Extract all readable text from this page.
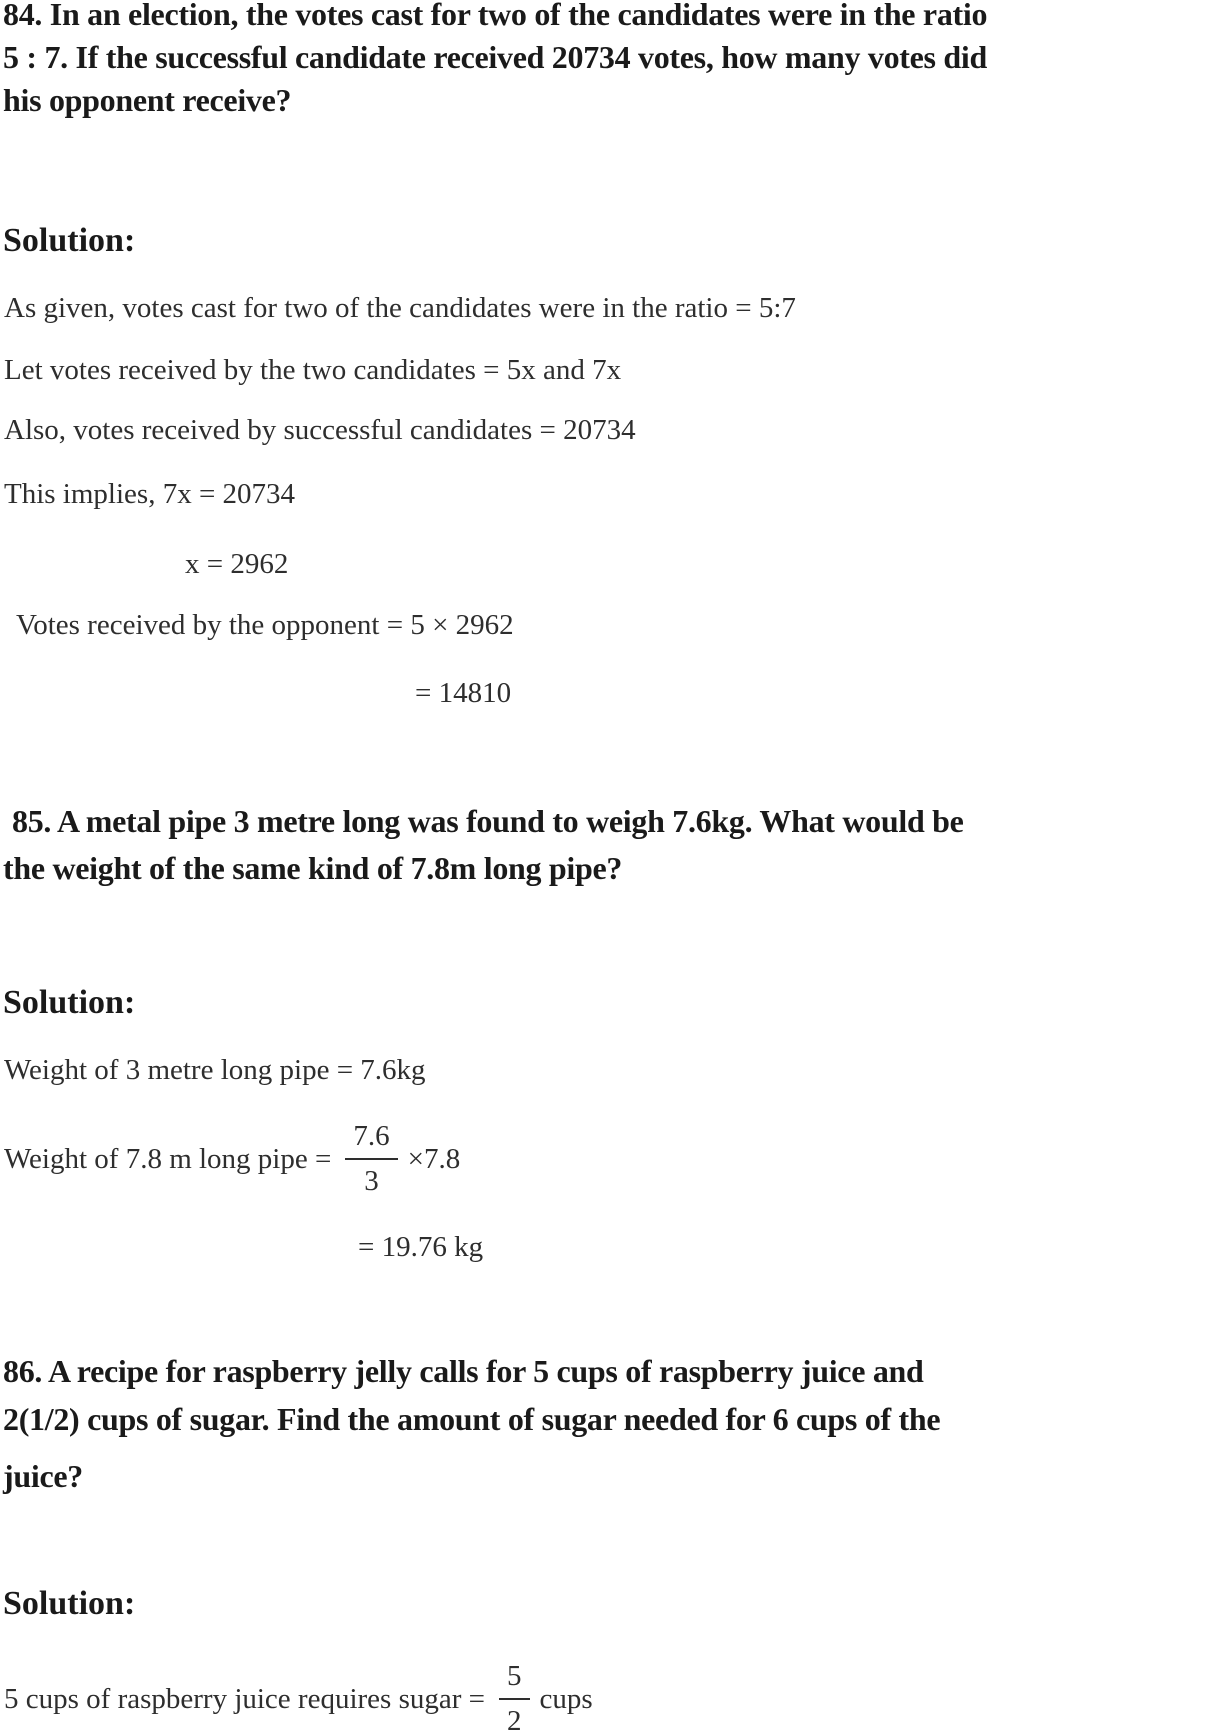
84. In an election, the votes cast for two of the candidates were in the ratio
5 : 7. If the successful candidate received 20734 votes, how many votes did
his opponent receive?
Solution:
As given, votes cast for two of the candidates were in the ratio = 5:7
Let votes received by the two candidates = 5x and 7x
Also, votes received by successful candidates = 20734
This implies, 7x = 20734
x = 2962
Votes received by the opponent = 5 × 2962
= 14810
85. A metal pipe 3 metre long was found to weigh 7.6kg. What would be
the weight of the same kind of 7.8m long pipe?
Solution:
Weight of 3 metre long pipe = 7.6kg
Weight of 7.8 m long pipe = $\frac{7.6}{3} \times 7.8$
= 19.76 kg
86. A recipe for raspberry jelly calls for 5 cups of raspberry juice and
2(1/2) cups of sugar. Find the amount of sugar needed for 6 cups of the
juice?
Solution:
5 cups of raspberry juice requires sugar = $\frac{5}{2}$ cups
